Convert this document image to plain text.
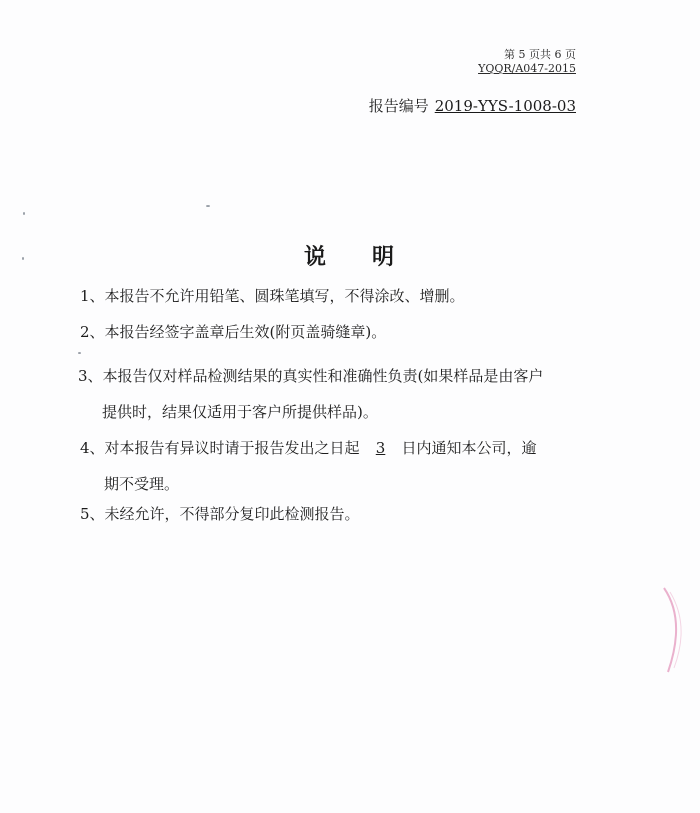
第 5 页共 6 页
YQQR/A047-2015
报告编号 2019-YYS-1008-03
说 明
1、本报告不允许用铅笔、圆珠笔填写，不得涂改、增删。
2、本报告经签字盖章后生效(附页盖骑缝章)。
3、本报告仅对样品检测结果的真实性和准确性负责(如果样品是由客户
提供时，结果仅适用于客户所提供样品)。
4、对本报告有异议时请于报告发出之日起 3 日内通知本公司，逾
期不受理。
5、未经允许，不得部分复印此检测报告。
